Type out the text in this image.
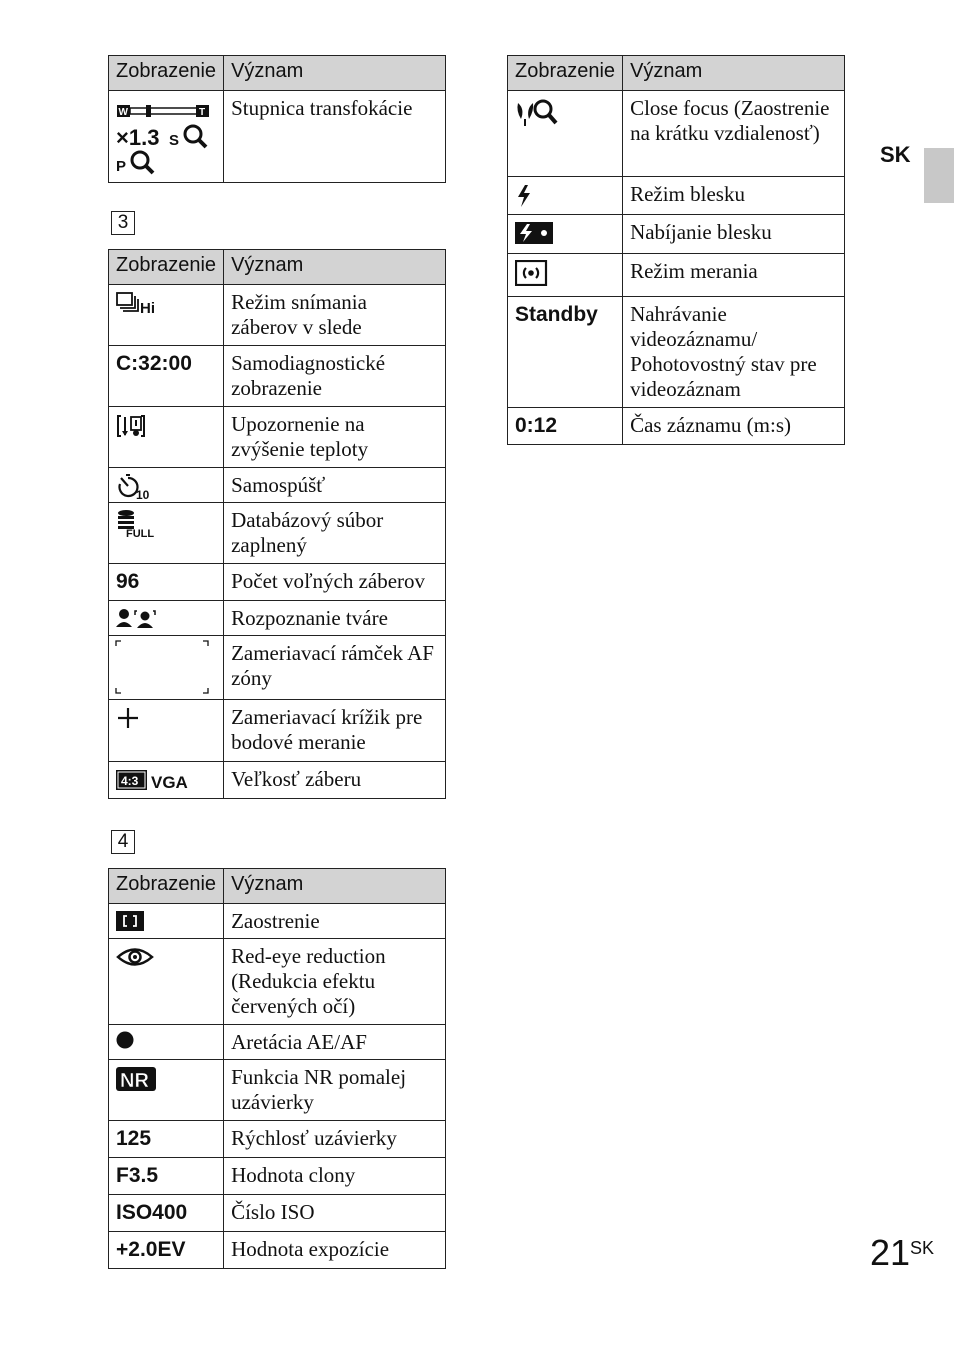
Zobrazenie	Význam

W T
×1.3 S
P	Stupnica transfokácie
3
Zobrazenie	Význam

Hi	Režim snímania záberov v slede
C:32:00	Samodiagnostické zobrazenie

	Upozornenie na zvýšenie teploty

10	Samospúšť

FULL	Databázový súbor zaplnený
96	Počet voľných záberov

	Rozpoznanie tváre

	Zameriavací rámček AF zóny

	Zameriavací krížik pre bodové meranie

4:3 VGA	Veľkosť záberu
4
Zobrazenie	Význam

	Zaostrenie

	Red-eye reduction (Redukcia efektu červených očí)

	Aretácia AE/AF

NR	Funkcia NR pomalej uzávierky
125	Rýchlosť uzávierky
F3.5	Hodnota clony
ISO400	Číslo ISO
+2.0EV	Hodnota expozície
Zobrazenie	Význam

	Close focus (Zaostrenie na krátku vzdialenosť)

	Režim blesku

	Nabíjanie blesku

	Režim merania
Standby	Nahrávanie videozáznamu/ Pohotovostný stav pre videozáznam
0:12	Čas záznamu (m:s)
SK
21SK
